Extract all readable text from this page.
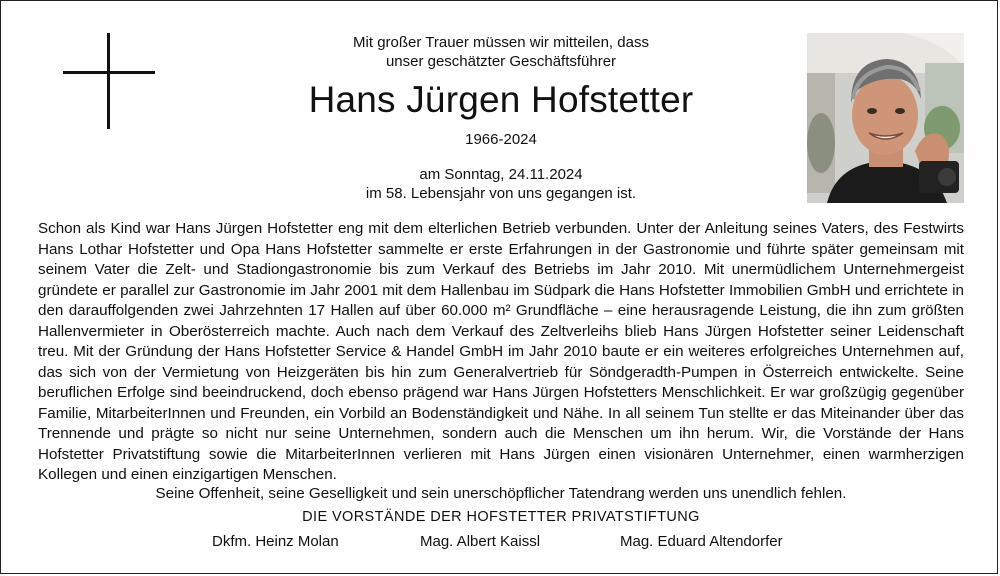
Mit großer Trauer müssen wir mitteilen, dass
unser geschätzter Geschäftsführer
Hans Jürgen Hofstetter
1966-2024
am Sonntag, 24.11.2024
im 58. Lebensjahr von uns gegangen ist.

Schon als Kind war Hans Jürgen Hofstetter eng mit dem elterlichen Betrieb verbunden. Unter der Anleitung seines Vaters, des Festwirts Hans Lothar Hofstetter und Opa Hans Hofstetter sammelte er erste Erfahrungen in der Gastronomie und führte später gemeinsam mit seinem Vater die Zelt- und Stadiongastronomie bis zum Verkauf des Betriebs im Jahr 2010. Mit unermüdlichem Unternehmergeist gründete er parallel zur Gastronomie im Jahr 2001 mit dem Hallenbau im Südpark die Hans Hofstetter Immobilien GmbH und errichtete in den darauffolgenden zwei Jahrzehnten 17 Hallen auf über 60.000 m² Grundfläche – eine herausragende Leistung, die ihn zum größten Hallenvermieter in Oberösterreich machte. Auch nach dem Verkauf des Zeltverleihs blieb Hans Jürgen Hofstetter seiner Leidenschaft treu. Mit der Gründung der Hans Hofstetter Service & Handel GmbH im Jahr 2010 baute er ein weiteres erfolgreiches Unternehmen auf, das sich von der Vermietung von Heizgeräten bis hin zum Generalvertrieb für Söndgeradth-Pumpen in Österreich entwickelte. Seine beruflichen Erfolge sind beeindruckend, doch ebenso prägend war Hans Jürgen Hofstetters Menschlichkeit. Er war großzügig gegenüber Familie, MitarbeiterInnen und Freunden, ein Vorbild an Bodenständigkeit und Nähe. In all seinem Tun stellte er das Miteinander über das Trennende und prägte so nicht nur seine Unternehmen, sondern auch die Menschen um ihn herum. Wir, die Vorstände der Hans Hofstetter Privatstiftung sowie die MitarbeiterInnen verlieren mit Hans Jürgen einen visionären Unternehmer, einen warmherzigen Kollegen und einen einzigartigen Menschen.

Seine Offenheit, seine Geselligkeit und sein unerschöpflicher Tatendrang werden uns unendlich fehlen.
DIE VORSTÄNDE DER HOFSTETTER PRIVATSTIFTUNG
Dkfm. Heinz Molan	Mag. Albert Kaissl	Mag. Eduard Altendorfer
